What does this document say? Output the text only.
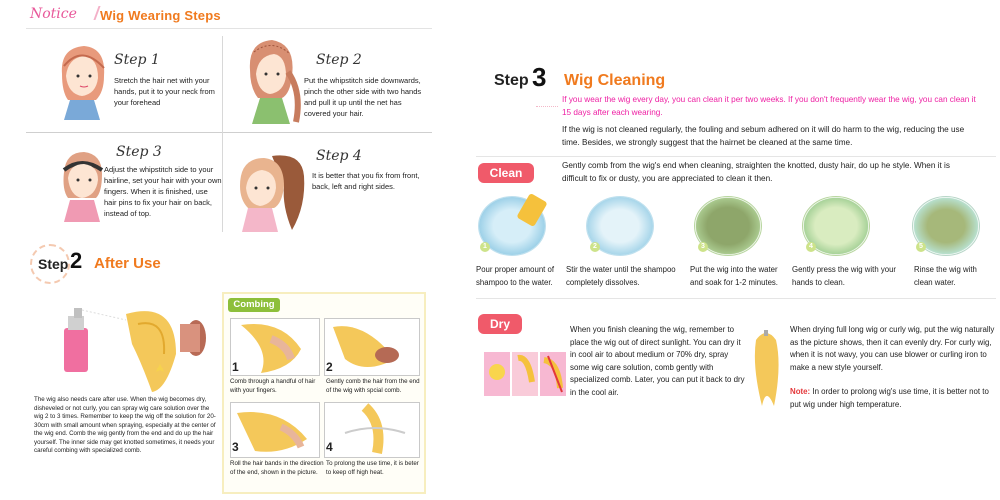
Notice Wig Wearing Steps
Step 1
Stretch the hair net with your hands, put it to your neck from your forehead
Step 2
Put the whipstitch side downwards, pinch the other side with two hands and pull it up until the net has covered your hair.
Step 3
Adjust the whipstitch side to your hairline, set your hair with your own fingers. When it is finished, use hair pins to fix your hair on back, instead of top.
Step 4
It is better that you fix from front, back, left and right sides.
Step 2 After Use
The wig also needs care after use. When the wig becomes dry, disheveled or not curly, you can spray wig care solution over the wig 2 to 3 times. Remember to keep the wig off the solution for 20-30cm with small amount when spraying, especially at the center of the wig end. Comb the wig gently from the end and do up the hair yourself. The inner side may get knotted sometimes, it needs your careful combing with specialized comb.
Combing
1	2
Comb through a handful of hair with your fingers.
Gently comb the hair from the end of the wig with spcial comb.
3	4
Roll the hair bands in the direction of the end, shown in the picture.
To prolong the use time, it is beter to keep off high heat.
Step 3 Wig Cleaning
If you wear the wig every day, you can clean it per two weeks. If you don't frequently wear the wig, you can clean it 15 days after each wearing.
If the wig is not cleaned regularly, the fouling and sebum adhered on it will do harm to the wig, reducing the use time. Besides, we strongly suggest that the hairnet be cleaned at the same time.
Clean
Gently comb from the wig's end when cleaning, straighten the knotted, dusty hair, do up he style. When it is difficult to fix or dusty, you are appreciated to clean it then.
1	2	3	4	5
Pour proper amount of shampoo to the water.
Stir the water until the shampoo completely dissolves.
Put the wig into the water and soak for 1-2 minutes.
Gently press the wig with your hands to clean.
Rinse the wig with clean water.
Dry	When you finish cleaning the wig, remember to place the wig out of direct sunlight. You can dry it in cool air to about medium or 70% dry, spray some wig care solution, comb gently with specialized comb. Later, you can put it back to dry in the cool air.
When drying full long wig or curly wig, put the wig naturally as the picture shows, then it can evenly dry. For curly wig, when it is not wavy, you can use blower or curling iron to make a new style yourself.
Note: In order to prolong wig's use time, it is better not to put wig under high temperature.
